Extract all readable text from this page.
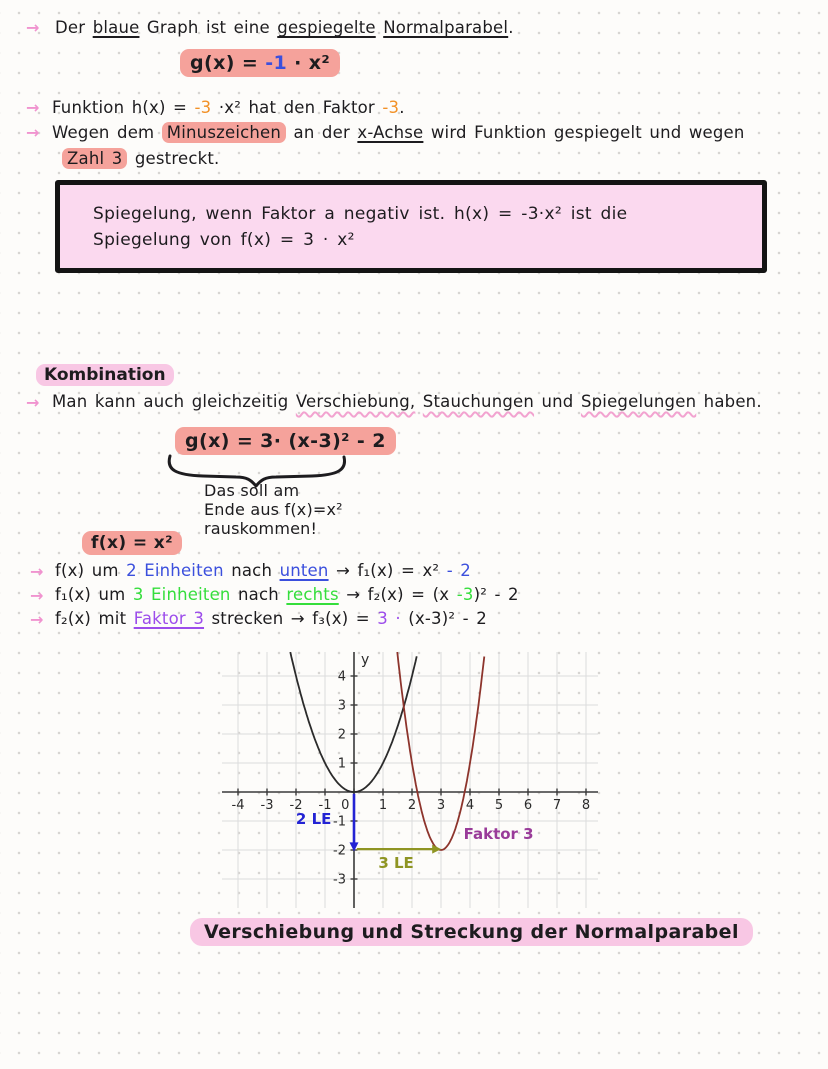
→ Der blaue Graph ist eine gespiegelte Normalparabel.
g(x) = -1 · x²
→ Funktion h(x) = -3 ·x² hat den Faktor -3.
→ Wegen dem Minuszeichen an der x-Achse wird Funktion gespiegelt und wegen
Zahl 3 gestreckt.
Spiegelung, wenn Faktor a negativ ist. h(x) = -3·x² ist die
Spiegelung von f(x) = 3 · x²
Kombination
→ Man kann auch gleichzeitig Verschiebung, Stauchungen und Spiegelungen haben.
g(x) = 3· (x-3)² - 2
Das soll am
Ende aus f(x)=x²
rauskommen!
f(x) = x²
→ f(x) um 2 Einheiten nach unten → f₁(x) = x² - 2
→ f₁(x) um 3 Einheiten nach rechts → f₂(x) = (x -3)² - 2
→ f₂(x) mit Faktor 3 strecken → f₃(x) = 3 · (x-3)² - 2
-4 -3 -2 -1 0 1 2 3 4 5 6 7 8
-3
-2
-1
1
2
3
4
2 LE
3 LE
Faktor 3
y
Verschiebung und Streckung der Normalparabel
